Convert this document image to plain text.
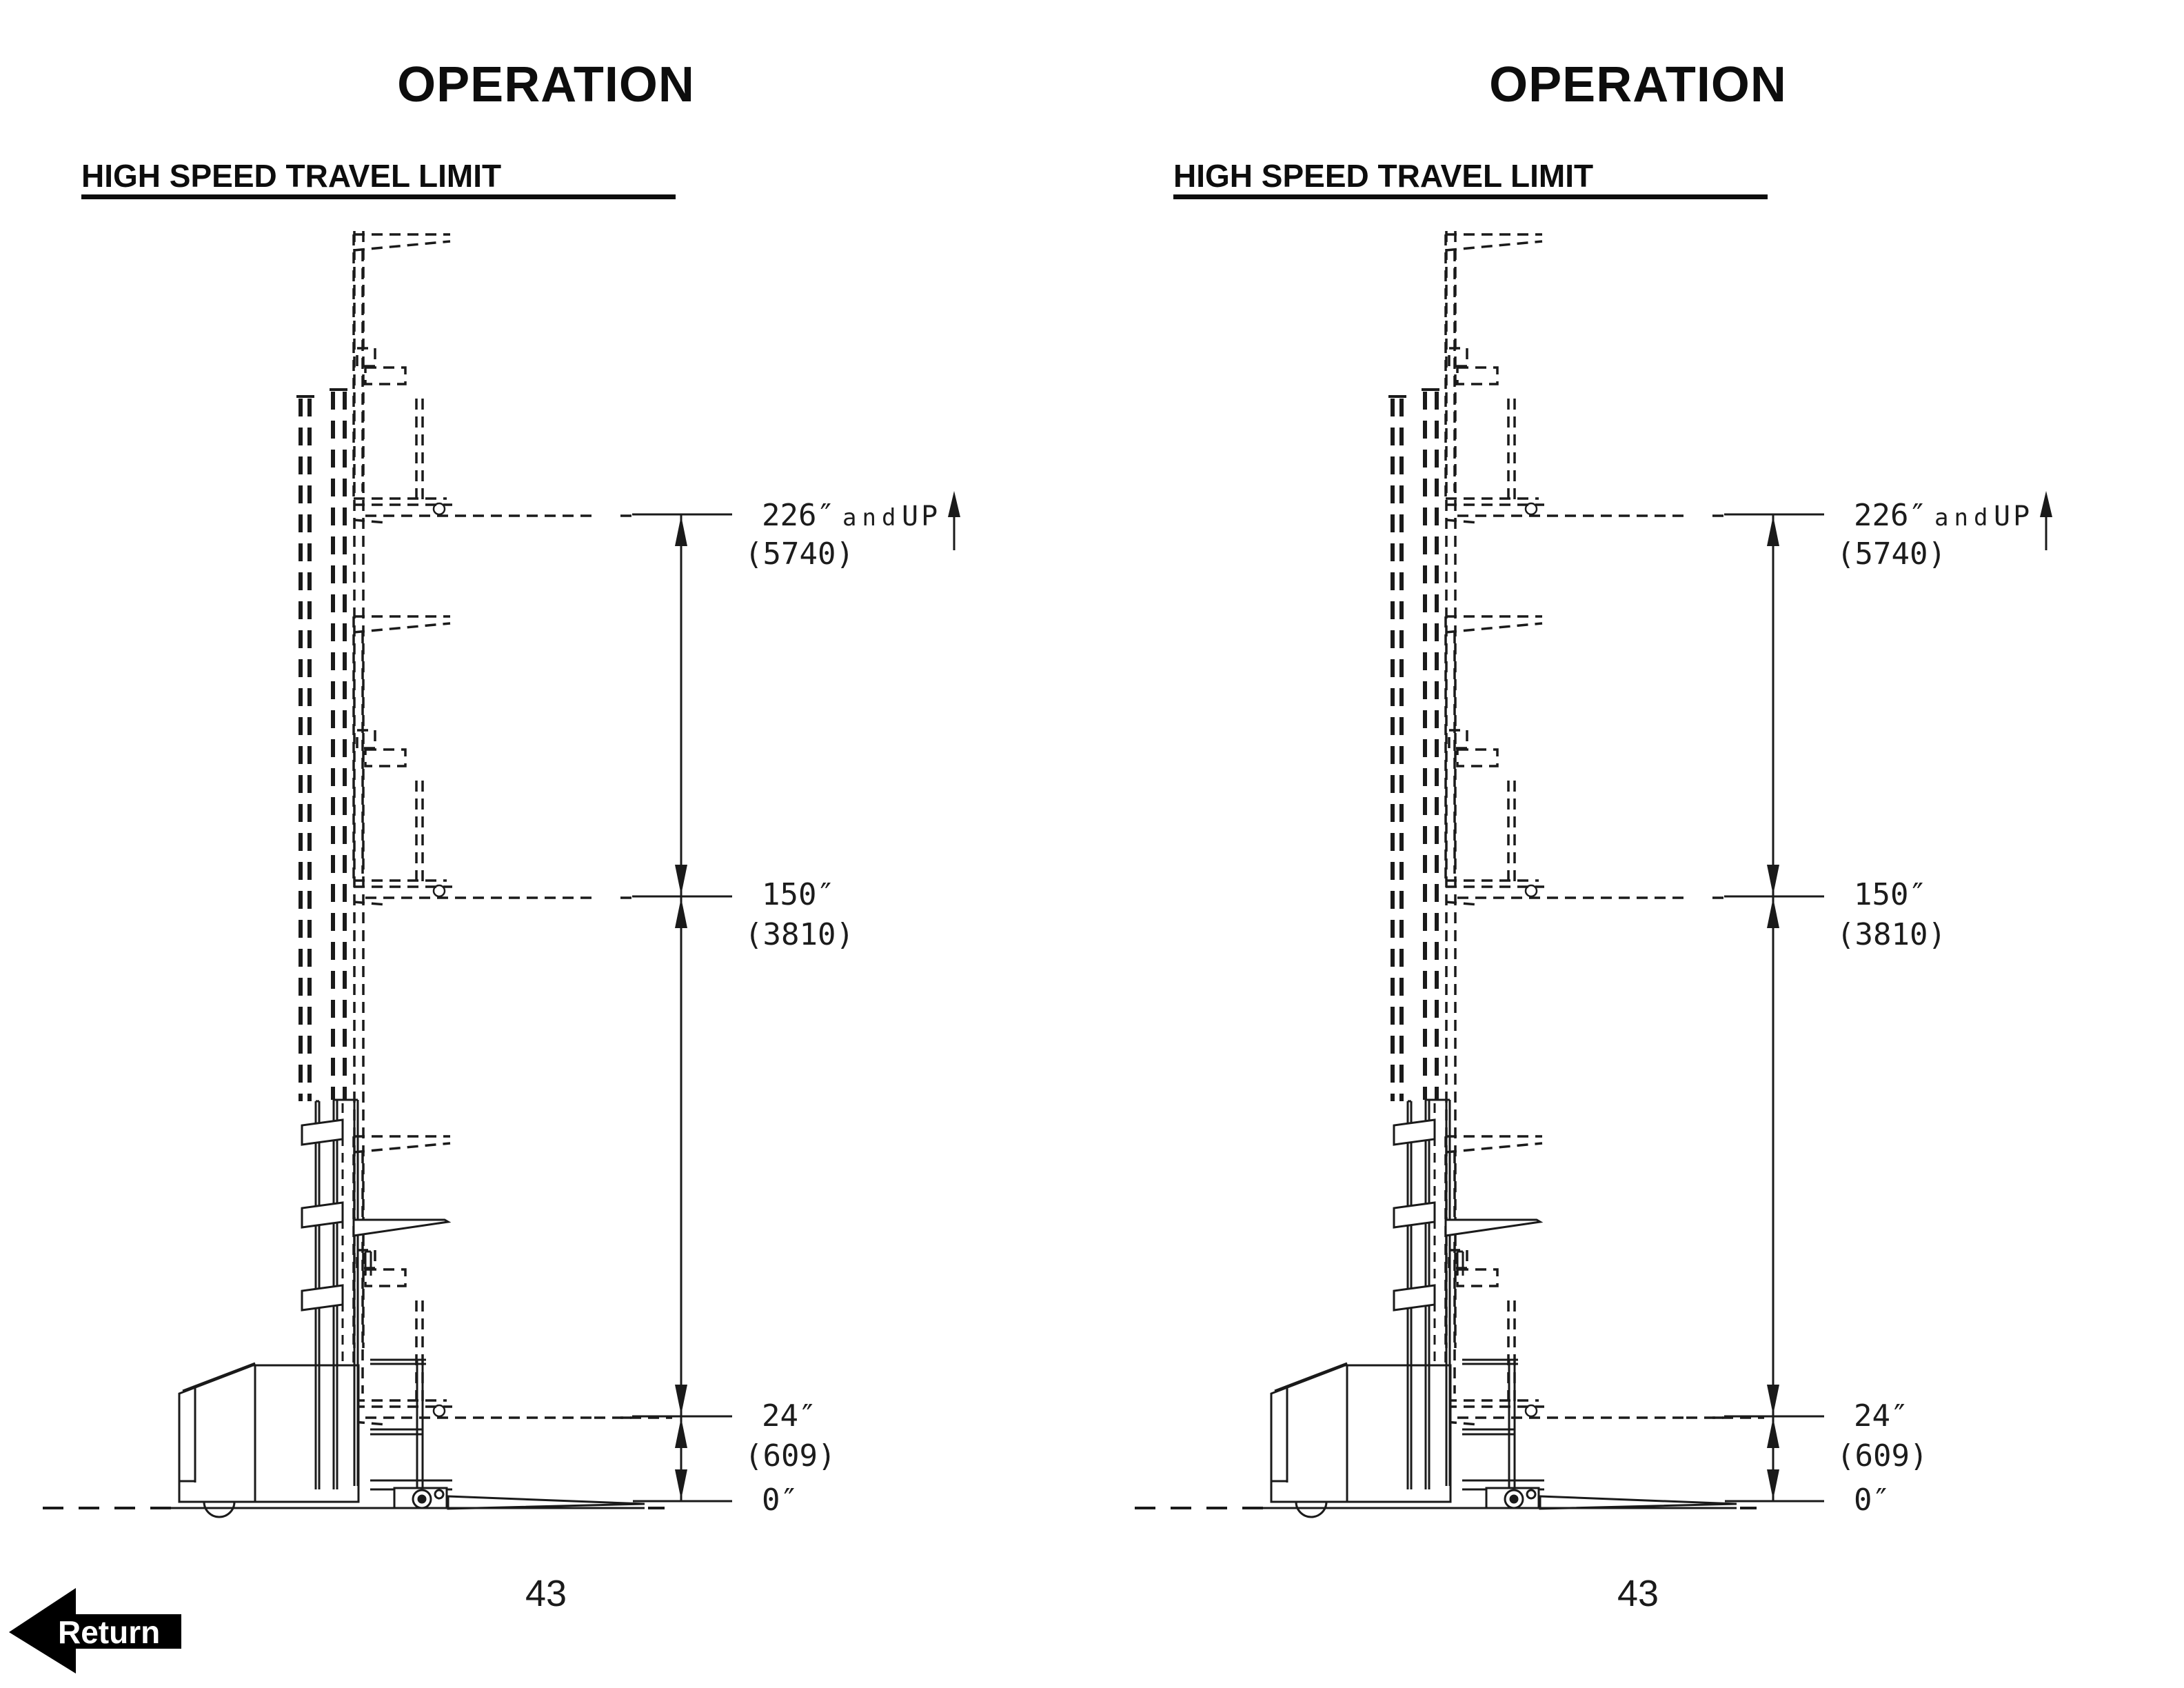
OPERATION
HIGH SPEED TRAVEL LIMIT
226″ and UP
(5740)
150″
(3810)
24″
(609)
0″
43
OPERATION
HIGH SPEED TRAVEL LIMIT
226″ and UP
(5740)
150″
(3810)
24″
(609)
0″
43
Return
